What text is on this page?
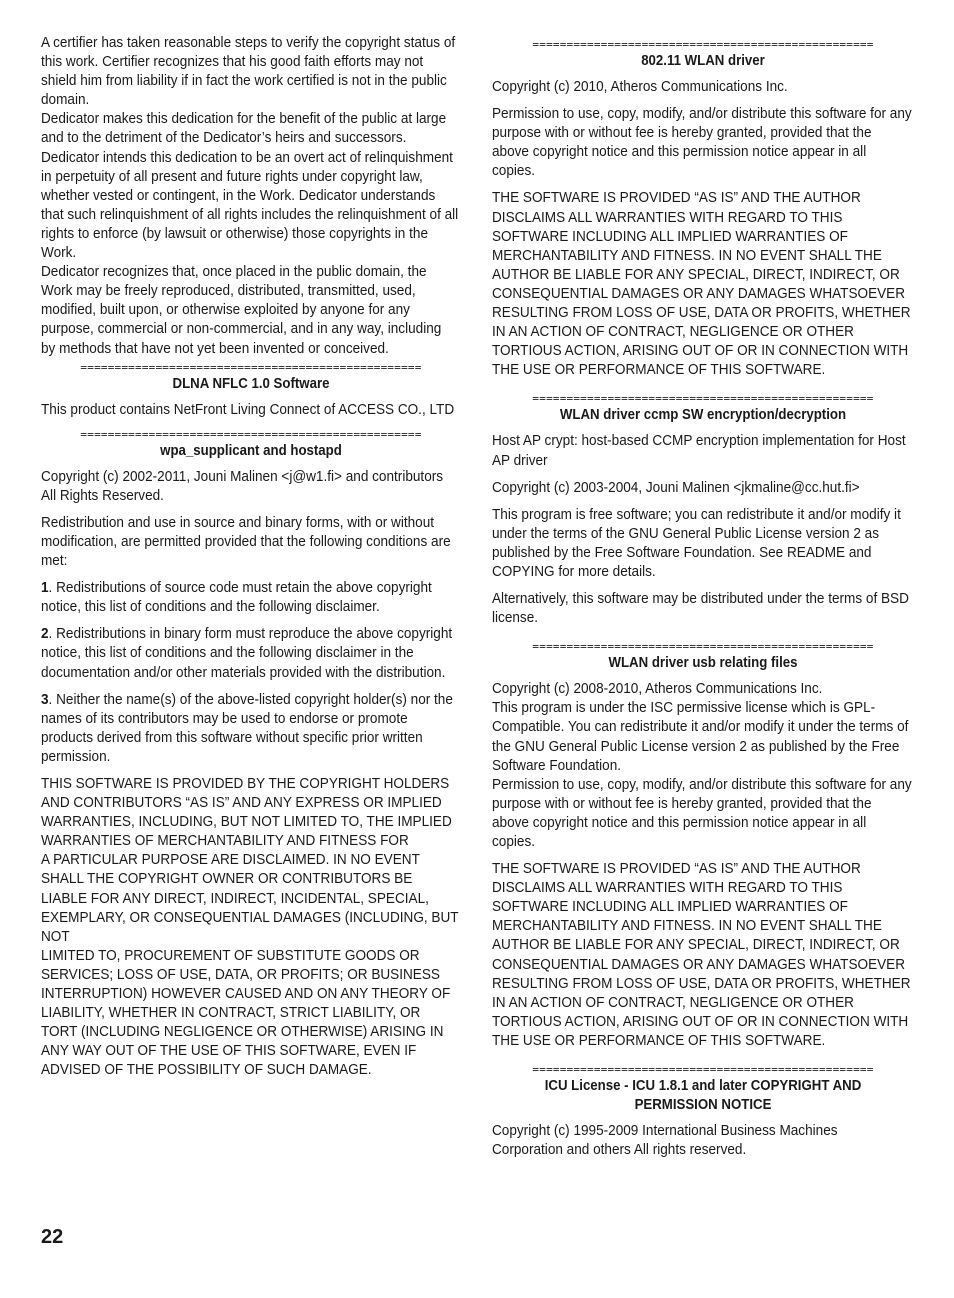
A certifier has taken reasonable steps to verify the copyright status of this work. Certifier recognizes that his good faith efforts may not shield him from liability if in fact the work certified is not in the public domain.

Dedicator makes this dedication for the benefit of the public at large and to the detriment of the Dedicator’s heirs and successors. Dedicator intends this dedication to be an overt act of relinquishment in perpetuity of all present and future rights under copyright law, whether vested or contingent, in the Work. Dedicator understands that such relinquishment of all rights includes the relinquishment of all rights to enforce (by lawsuit or otherwise) those copyrights in the Work.

Dedicator recognizes that, once placed in the public domain, the Work may be freely reproduced, distributed, transmitted, used, modified, built upon, or otherwise exploited by anyone for any purpose, commercial or non-commercial, and in any way, including by methods that have not yet been invented or conceived.

==================================================
DLNA NFLC 1.0 Software

This product contains NetFront Living Connect of ACCESS CO., LTD

==================================================
wpa_supplicant and hostapd

Copyright (c) 2002-2011, Jouni Malinen <j@w1.fi> and contributors All Rights Reserved.

Redistribution and use in source and binary forms, with or without modification, are permitted provided that the following conditions are met:

1. Redistributions of source code must retain the above copyright notice, this list of conditions and the following disclaimer.

2. Redistributions in binary form must reproduce the above copyright notice, this list of conditions and the following disclaimer in the documentation and/or other materials provided with the distribution.

3. Neither the name(s) of the above-listed copyright holder(s) nor the names of its contributors may be used to endorse or promote products derived from this software without specific prior written permission.

THIS SOFTWARE IS PROVIDED BY THE COPYRIGHT HOLDERS AND CONTRIBUTORS “AS IS” AND ANY EXPRESS OR IMPLIED WARRANTIES, INCLUDING, BUT NOT LIMITED TO, THE IMPLIED WARRANTIES OF MERCHANTABILITY AND FITNESS FOR

A PARTICULAR PURPOSE ARE DISCLAIMED. IN NO EVENT SHALL THE COPYRIGHT OWNER OR CONTRIBUTORS BE LIABLE FOR ANY DIRECT, INDIRECT, INCIDENTAL, SPECIAL, EXEMPLARY, OR CONSEQUENTIAL DAMAGES (INCLUDING, BUT NOT

LIMITED TO, PROCUREMENT OF SUBSTITUTE GOODS OR SERVICES; LOSS OF USE, DATA, OR PROFITS; OR BUSINESS INTERRUPTION) HOWEVER CAUSED AND ON ANY THEORY OF LIABILITY, WHETHER IN CONTRACT, STRICT LIABILITY, OR TORT (INCLUDING NEGLIGENCE OR OTHERWISE) ARISING IN ANY WAY OUT OF THE USE OF THIS SOFTWARE, EVEN IF ADVISED OF THE POSSIBILITY OF SUCH DAMAGE.

==================================================
802.11 WLAN driver

Copyright (c) 2010, Atheros Communications Inc.

Permission to use, copy, modify, and/or distribute this software for any purpose with or without fee is hereby granted, provided that the above copyright notice and this permission notice appear in all copies.

THE SOFTWARE IS PROVIDED “AS IS” AND THE AUTHOR DISCLAIMS ALL WARRANTIES WITH REGARD TO THIS SOFTWARE INCLUDING ALL IMPLIED WARRANTIES OF MERCHANTABILITY AND FITNESS. IN NO EVENT SHALL THE AUTHOR BE LIABLE FOR ANY SPECIAL, DIRECT, INDIRECT, OR CONSEQUENTIAL DAMAGES OR ANY DAMAGES WHATSOEVER RESULTING FROM LOSS OF USE, DATA OR PROFITS, WHETHER IN AN ACTION OF CONTRACT, NEGLIGENCE OR OTHER TORTIOUS ACTION, ARISING OUT OF OR IN CONNECTION WITH THE USE OR PERFORMANCE OF THIS SOFTWARE.

==================================================
WLAN driver ccmp SW encryption/decryption

Host AP crypt: host-based CCMP encryption implementation for Host AP driver

Copyright (c) 2003-2004, Jouni Malinen <jkmaline@cc.hut.fi>

This program is free software; you can redistribute it and/or modify it under the terms of the GNU General Public License version 2 as published by the Free Software Foundation. See README and COPYING for more details.

Alternatively, this software may be distributed under the terms of BSD license.

==================================================
WLAN driver usb relating files

Copyright (c) 2008-2010, Atheros Communications Inc.

This program is under the ISC permissive license which is GPL-Compatible. You can redistribute it and/or modify it under the terms of the GNU General Public License version 2 as published by the Free Software Foundation.

Permission to use, copy, modify, and/or distribute this software for any purpose with or without fee is hereby granted, provided that the above copyright notice and this permission notice appear in all copies.

THE SOFTWARE IS PROVIDED “AS IS” AND THE AUTHOR DISCLAIMS ALL WARRANTIES WITH REGARD TO THIS SOFTWARE INCLUDING ALL IMPLIED WARRANTIES OF MERCHANTABILITY AND FITNESS. IN NO EVENT SHALL THE AUTHOR BE LIABLE FOR ANY SPECIAL, DIRECT, INDIRECT, OR CONSEQUENTIAL DAMAGES OR ANY DAMAGES WHATSOEVER RESULTING FROM LOSS OF USE, DATA OR PROFITS, WHETHER IN AN ACTION OF CONTRACT, NEGLIGENCE OR OTHER TORTIOUS ACTION, ARISING OUT OF OR IN CONNECTION WITH THE USE OR PERFORMANCE OF THIS SOFTWARE.

==================================================
ICU License - ICU 1.8.1 and later COPYRIGHT AND PERMISSION NOTICE

Copyright (c) 1995-2009 International Business Machines Corporation and others All rights reserved.

22
